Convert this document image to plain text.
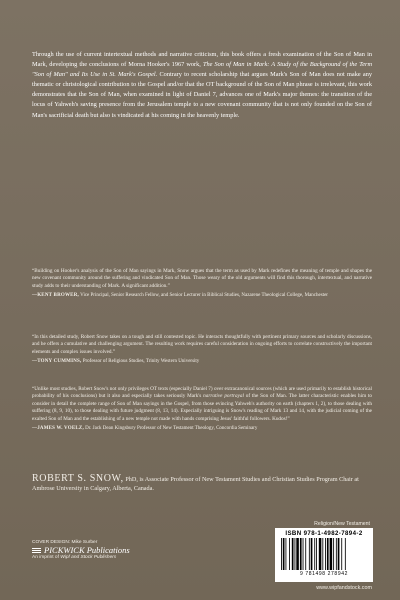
Through the use of current intertextual methods and narrative criticism, this book offers a fresh examination of the Son of Man in Mark, developing the conclusions of Morna Hooker's 1967 work, The Son of Man in Mark: A Study of the Background of the Term "Son of Man" and Its Use in St. Mark's Gospel. Contrary to recent scholarship that argues Mark's Son of Man does not make any thematic or christological contribution to the Gospel and/or that the OT background of the Son of Man phrase is irrelevant, this work demonstrates that the Son of Man, when examined in light of Daniel 7, advances one of Mark's major themes: the transition of the locus of Yahweh's saving presence from the Jerusalem temple to a new covenant community that is not only founded on the Son of Man's sacrificial death but also is vindicated at his coming in the heavenly temple.
“Building on Hooker's analysis of the Son of Man sayings in Mark, Snow argues that the term as used by Mark redefines the meaning of temple and shapes the new covenant community around the suffering and vindicated Son of Man. Those weary of the old arguments will find this thorough, intertextual, and narrative study adds to their understanding of Mark. A significant addition.”
—KENT BROWER, Vice Principal, Senior Research Fellow, and Senior Lecturer in Biblical Studies, Nazarene Theological College, Manchester
“In this detailed study, Robert Snow takes on a tough and still contested topic. He interacts thoughtfully with pertinent primary sources and scholarly discussions, and he offers a cumulative and challenging argument. The resulting work requires careful consideration in ongoing efforts to correlate constructively the important elements and complex issues involved.”
—TONY CUMMINS, Professor of Religious Studies, Trinity Western University
“Unlike most studies, Robert Snow's not only privileges OT texts (especially Daniel 7) over extracanonical sources (which are used primarily to establish historical probability of his conclusions) but it also and especially takes seriously Mark's narrative portrayal of the Son of Man. The latter characteristic enables him to consider in detail the complete range of Son of Man sayings in the Gospel, from those evincing Yahweh's authority on earth (chapters 1, 2), to those dealing with suffering (8, 9, 10), to those dealing with future judgment (8, 13, 14). Especially intriguing is Snow's reading of Mark 13 and 14, with the judicial coming of the exalted Son of Man and the establishing of a new temple not made with hands comprising Jesus' faithful followers. Kudos!”
—JAMES W. VOELZ, Dr. Jack Dean Kingsbury Professor of New Testament Theology, Concordia Seminary
ROBERT S. SNOW, PhD, is Associate Professor of New Testament Studies and Christian Studies Program Chair at Ambrose University in Calgary, Alberta, Canada.
Religion/New Testament
COVER DESIGN: Mike Surber
PICKWICK Publications
An imprint of Wipf and Stock Publishers
ISBN 978-1-4982-7894-2
9 781498 278942
www.wipfandstock.com
